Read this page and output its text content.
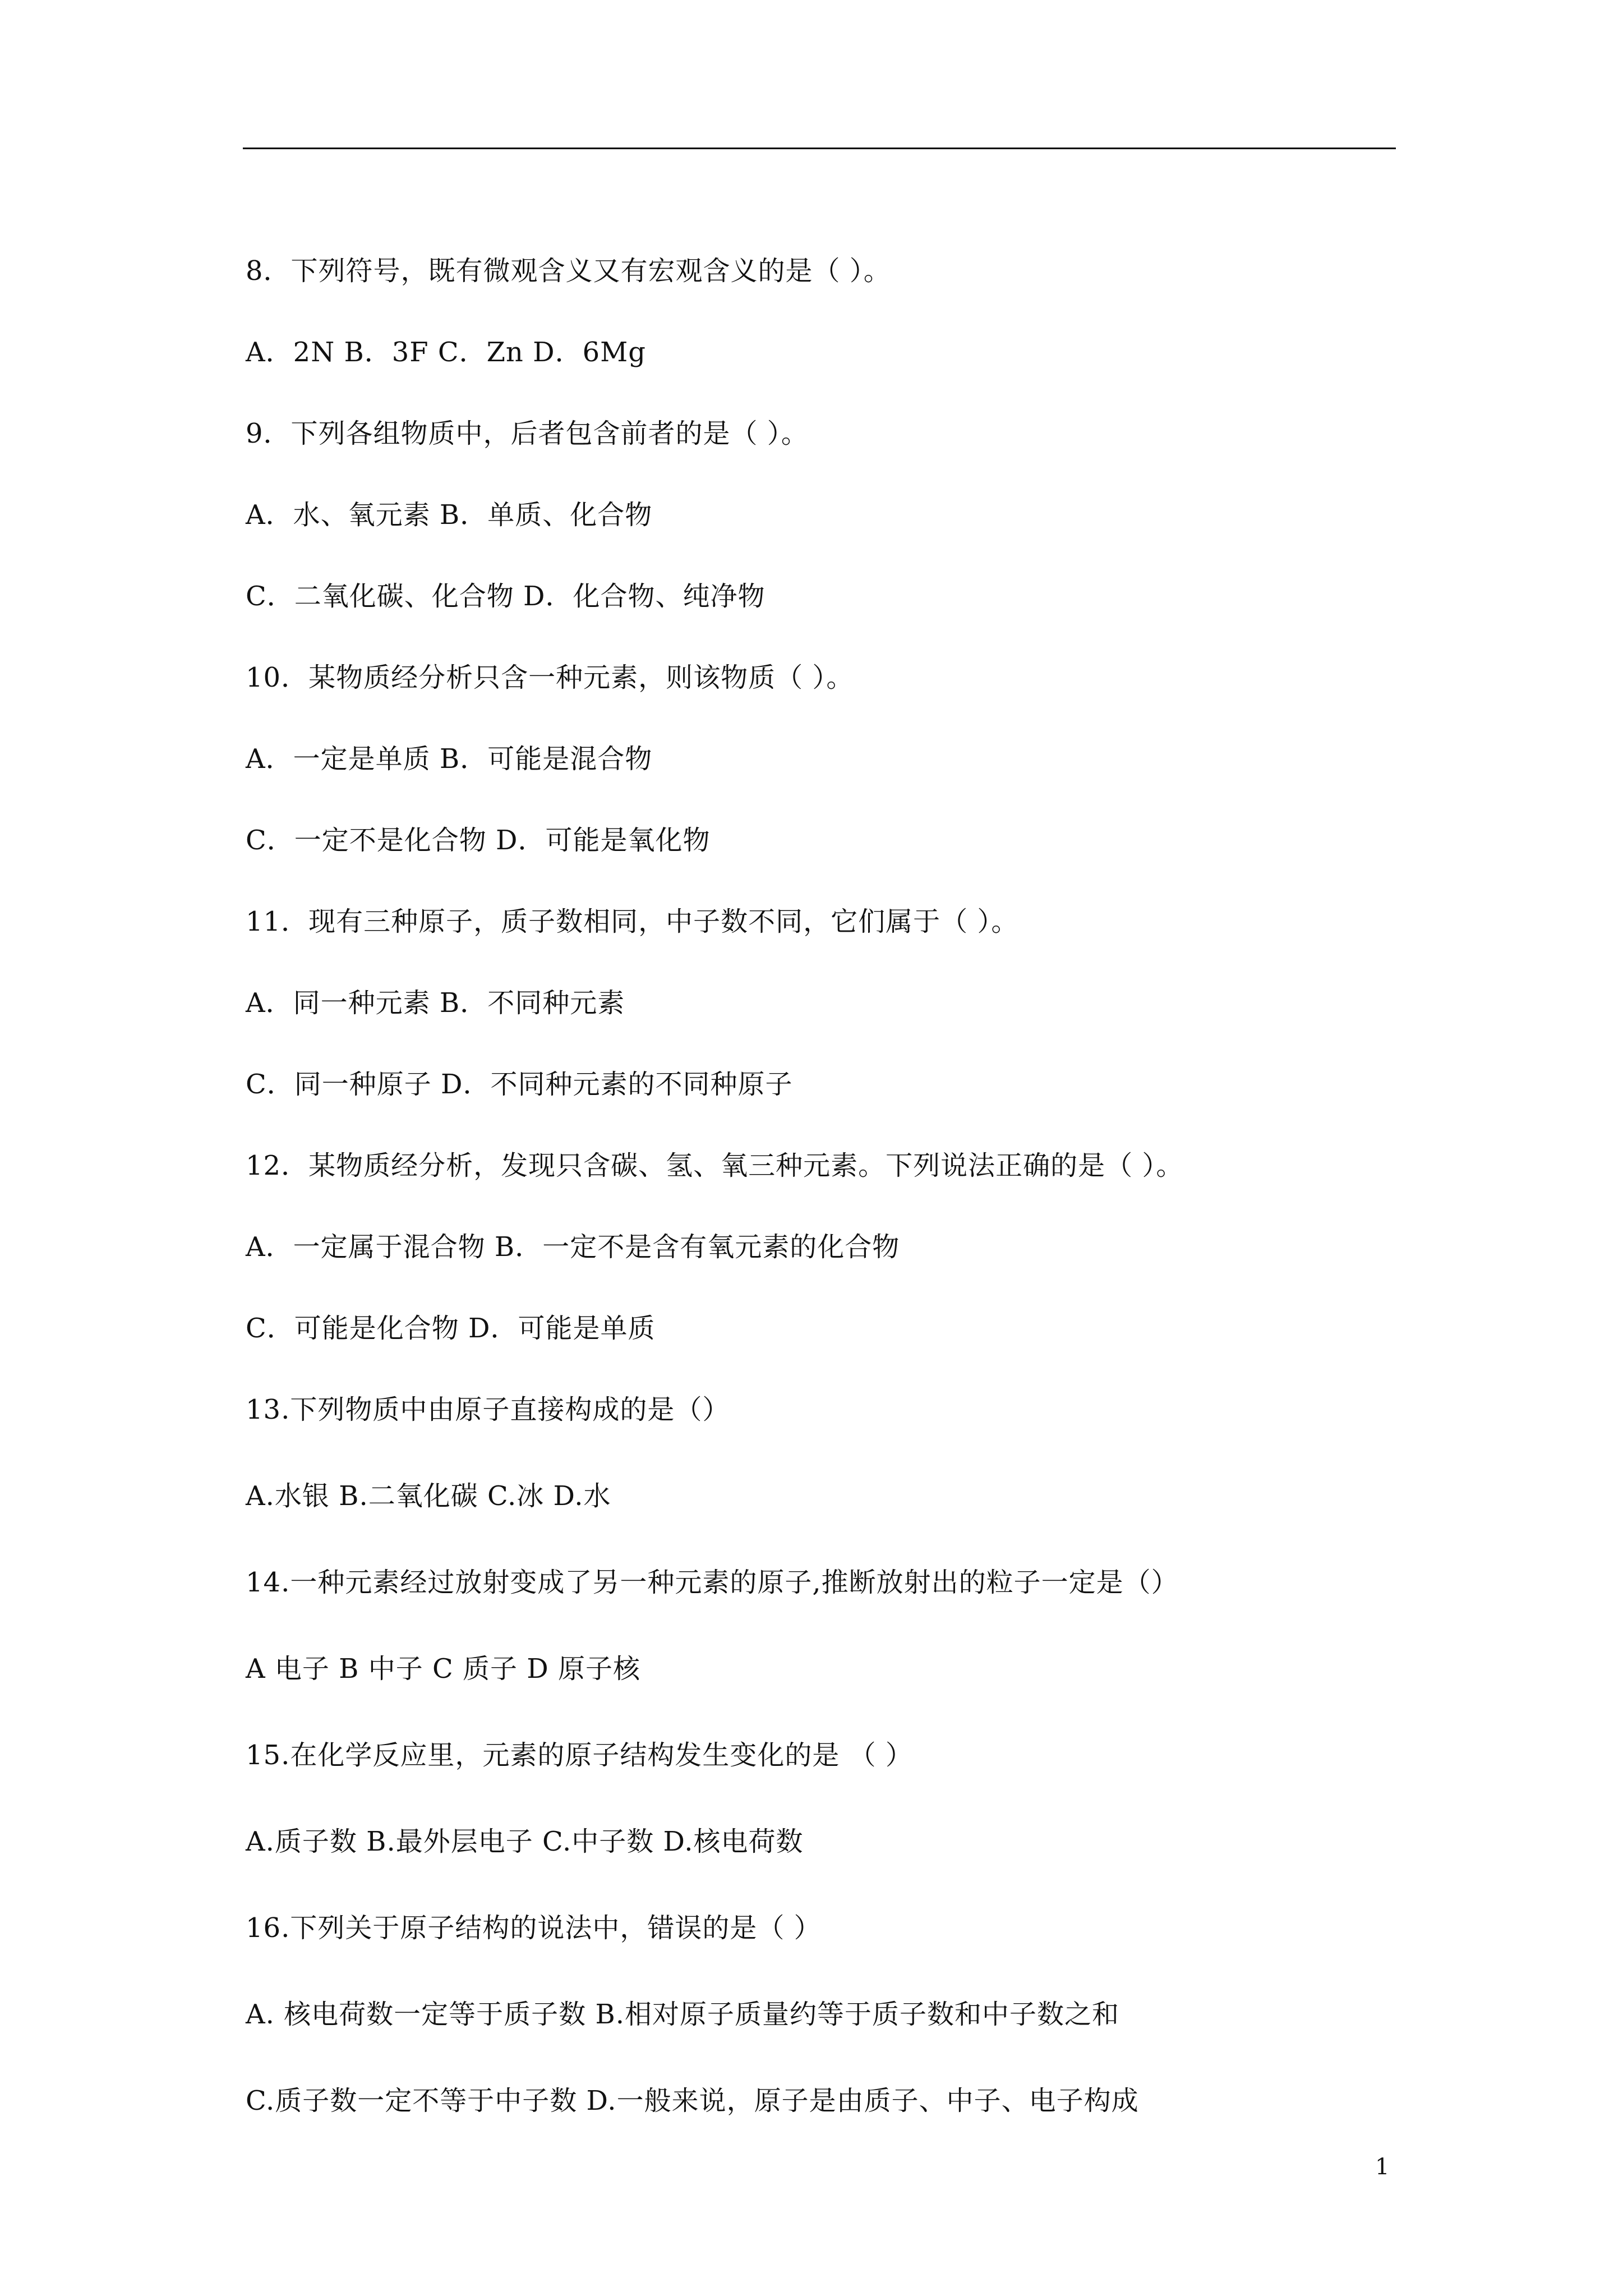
8．下列符号，既有微观含义又有宏观含义的是（ ）。
A．2N B．3F C．Zn D．6Mg
9．下列各组物质中，后者包含前者的是（ ）。
A．水、氧元素 B．单质、化合物
C．二氧化碳、化合物 D．化合物、纯净物
10．某物质经分析只含一种元素，则该物质（ ）。
A．一定是单质 B．可能是混合物
C．一定不是化合物 D．可能是氧化物
11．现有三种原子，质子数相同，中子数不同，它们属于（ ）。
A．同一种元素 B．不同种元素
C．同一种原子 D．不同种元素的不同种原子
12．某物质经分析，发现只含碳、氢、氧三种元素。下列说法正确的是（ ）。
A．一定属于混合物 B．一定不是含有氧元素的化合物
C．可能是化合物 D．可能是单质
13.下列物质中由原子直接构成的是（）
A.水银 B.二氧化碳 C.冰 D.水
14.一种元素经过放射变成了另一种元素的原子,推断放射出的粒子一定是（）
A 电子 B 中子 C 质子 D 原子核
15.在化学反应里，元素的原子结构发生变化的是 （ ）
A.质子数 B.最外层电子 C.中子数 D.核电荷数
16.下列关于原子结构的说法中，错误的是（ ）
A. 核电荷数一定等于质子数 B.相对原子质量约等于质子数和中子数之和
C.质子数一定不等于中子数 D.一般来说，原子是由质子、中子、电子构成
1
